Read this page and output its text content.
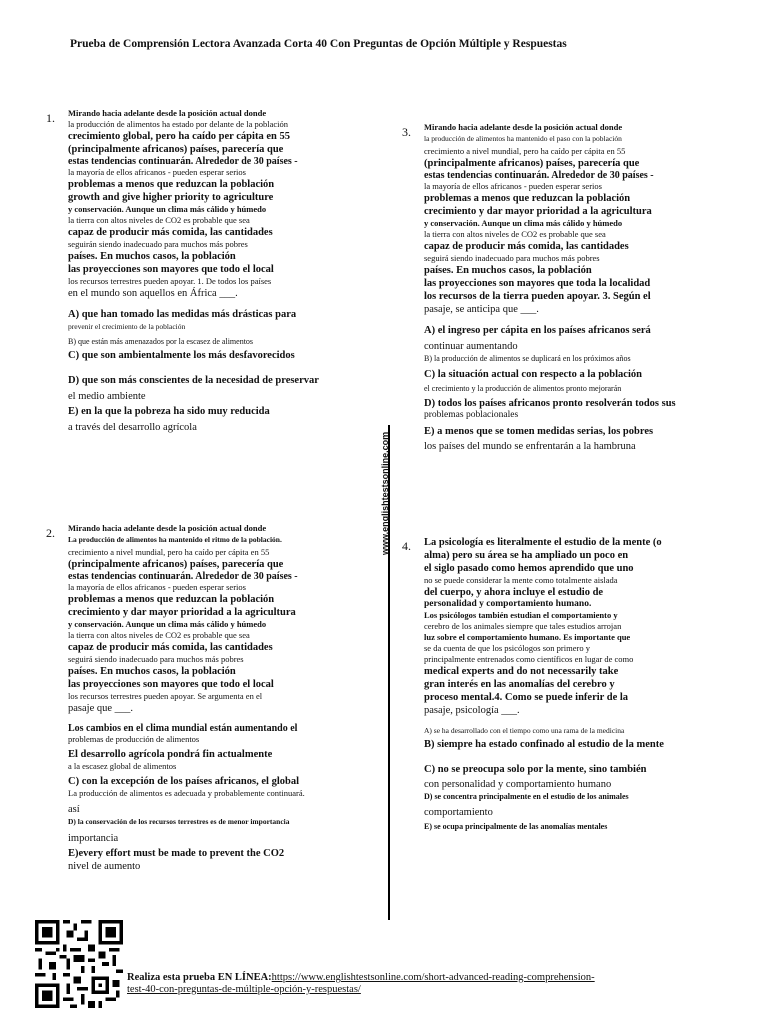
Prueba de Comprensión Lectora Avanzada Corta 40 Con Preguntas de Opción Múltiple y Respuestas
1. Mirando hacia adelante desde la posición actual donde
la producción de alimentos ha estado por delante de la población
crecimiento global, pero ha caído per cápita en 55
(principalmente africanos) países, parecería que
estas tendencias continuarán. Alrededor de 30 países -
la mayoría de ellos africanos - pueden esperar serios
problemas a menos que reduzcan la población
growth and give higher priority to agriculture
y conservación. Aunque un clima más cálido y húmedo
la tierra con altos niveles de CO2 es probable que sea
capaz de producir más comida, las cantidades
seguirán siendo inadecuado para muchos más pobres
países. En muchos casos, la población
las proyecciones son mayores que todo el local
los recursos terrestres pueden apoyar. 1. De todos los países
en el mundo son aquellos en África ___.
A) que han tomado las medidas más drásticas para
prevenir el crecimiento de la población
B) que están más amenazados por la escasez de alimentos
C) que son ambientalmente los más desfavorecidos
D) que son más conscientes de la necesidad de preservar
el medio ambiente
E) en la que la pobreza ha sido muy reducida
a través del desarrollo agrícola
3. Mirando hacia adelante desde la posición actual donde
la producción de alimentos ha mantenido el paso con la población
crecimiento a nivel mundial, pero ha caído per cápita en 55
(principalmente africanos) países, parecería que
estas tendencias continuarán. Alrededor de 30 países -
la mayoría de ellos africanos - pueden esperar serios
problemas a menos que reduzcan la población
crecimiento y dar mayor prioridad a la agricultura
y conservación. Aunque un clima más cálido y húmedo
la tierra con altos niveles de CO2 es probable que sea
capaz de producir más comida, las cantidades
seguirá siendo inadecuado para muchos más pobres
países. En muchos casos, la población
las proyecciones son mayores que toda la localidad
los recursos de la tierra pueden apoyar. 3. Según el
pasaje, se anticipa que ___.
A) el ingreso per cápita en los países africanos será
continuar aumentando
B) la producción de alimentos se duplicará en los próximos años
C) la situación actual con respecto a la población
el crecimiento y la producción de alimentos pronto mejorarán
D) todos los países africanos pronto resolverán todos sus
problemas poblacionales
E) a menos que se tomen medidas serias, los pobres
los países del mundo se enfrentarán a la hambruna
2. Mirando hacia adelante desde la posición actual donde
La producción de alimentos ha mantenido el ritmo de la población.
crecimiento a nivel mundial, pero ha caído per cápita en 55
(principalmente africanos) países, parecería que
estas tendencias continuarán. Alrededor de 30 países -
la mayoría de ellos africanos - pueden esperar serios
problemas a menos que reduzcan la población
crecimiento y dar mayor prioridad a la agricultura
y conservación. Aunque un clima más cálido y húmedo
la tierra con altos niveles de CO2 es probable que sea
capaz de producir más comida, las cantidades
seguirá siendo inadecuado para muchos más pobres
países. En muchos casos, la población
las proyecciones son mayores que todo el local
los recursos terrestres pueden apoyar. Se argumenta en el
pasaje que ___.
Los cambios en el clima mundial están aumentando el
problemas de producción de alimentos
El desarrollo agrícola pondrá fin actualmente
a la escasez global de alimentos
C) con la excepción de los países africanos, el global
La producción de alimentos es adecuada y probablemente continuará.
así
D) la conservación de los recursos terrestres es de menor importancia
importancia
E)every effort must be made to prevent the CO2
nivel de aumento
4. La psicología es literalmente el estudio de la mente (o
alma) pero su área se ha ampliado un poco en
el siglo pasado como hemos aprendido que uno
no se puede considerar la mente como totalmente aislada
del cuerpo, y ahora incluye el estudio de
personalidad y comportamiento humano.
Los psicólogos también estudian el comportamiento y
cerebro de los animales siempre que tales estudios arrojan
luz sobre el comportamiento humano. Es importante que
se da cuenta de que los psicólogos son primero y
principalmente entrenados como científicos en lugar de como
medical experts and do not necessarily take
gran interés en las anomalías del cerebro y
proceso mental.4. Como se puede inferir de la
pasaje, psicología ___.
A) se ha desarrollado con el tiempo como una rama de la medicina
B) siempre ha estado confinado al estudio de la mente
C) no se preocupa solo por la mente, sino también
con personalidad y comportamiento humano
D) se concentra principalmente en el estudio de los animales
comportamiento
E) se ocupa principalmente de las anomalías mentales
www.englishtestsonline.com
Realiza esta prueba EN LÍNEA:https://www.englishtestsonline.com/short-advanced-reading-comprehension-
test-40-con-preguntas-de-múltiple-opción-y-respuestas/
